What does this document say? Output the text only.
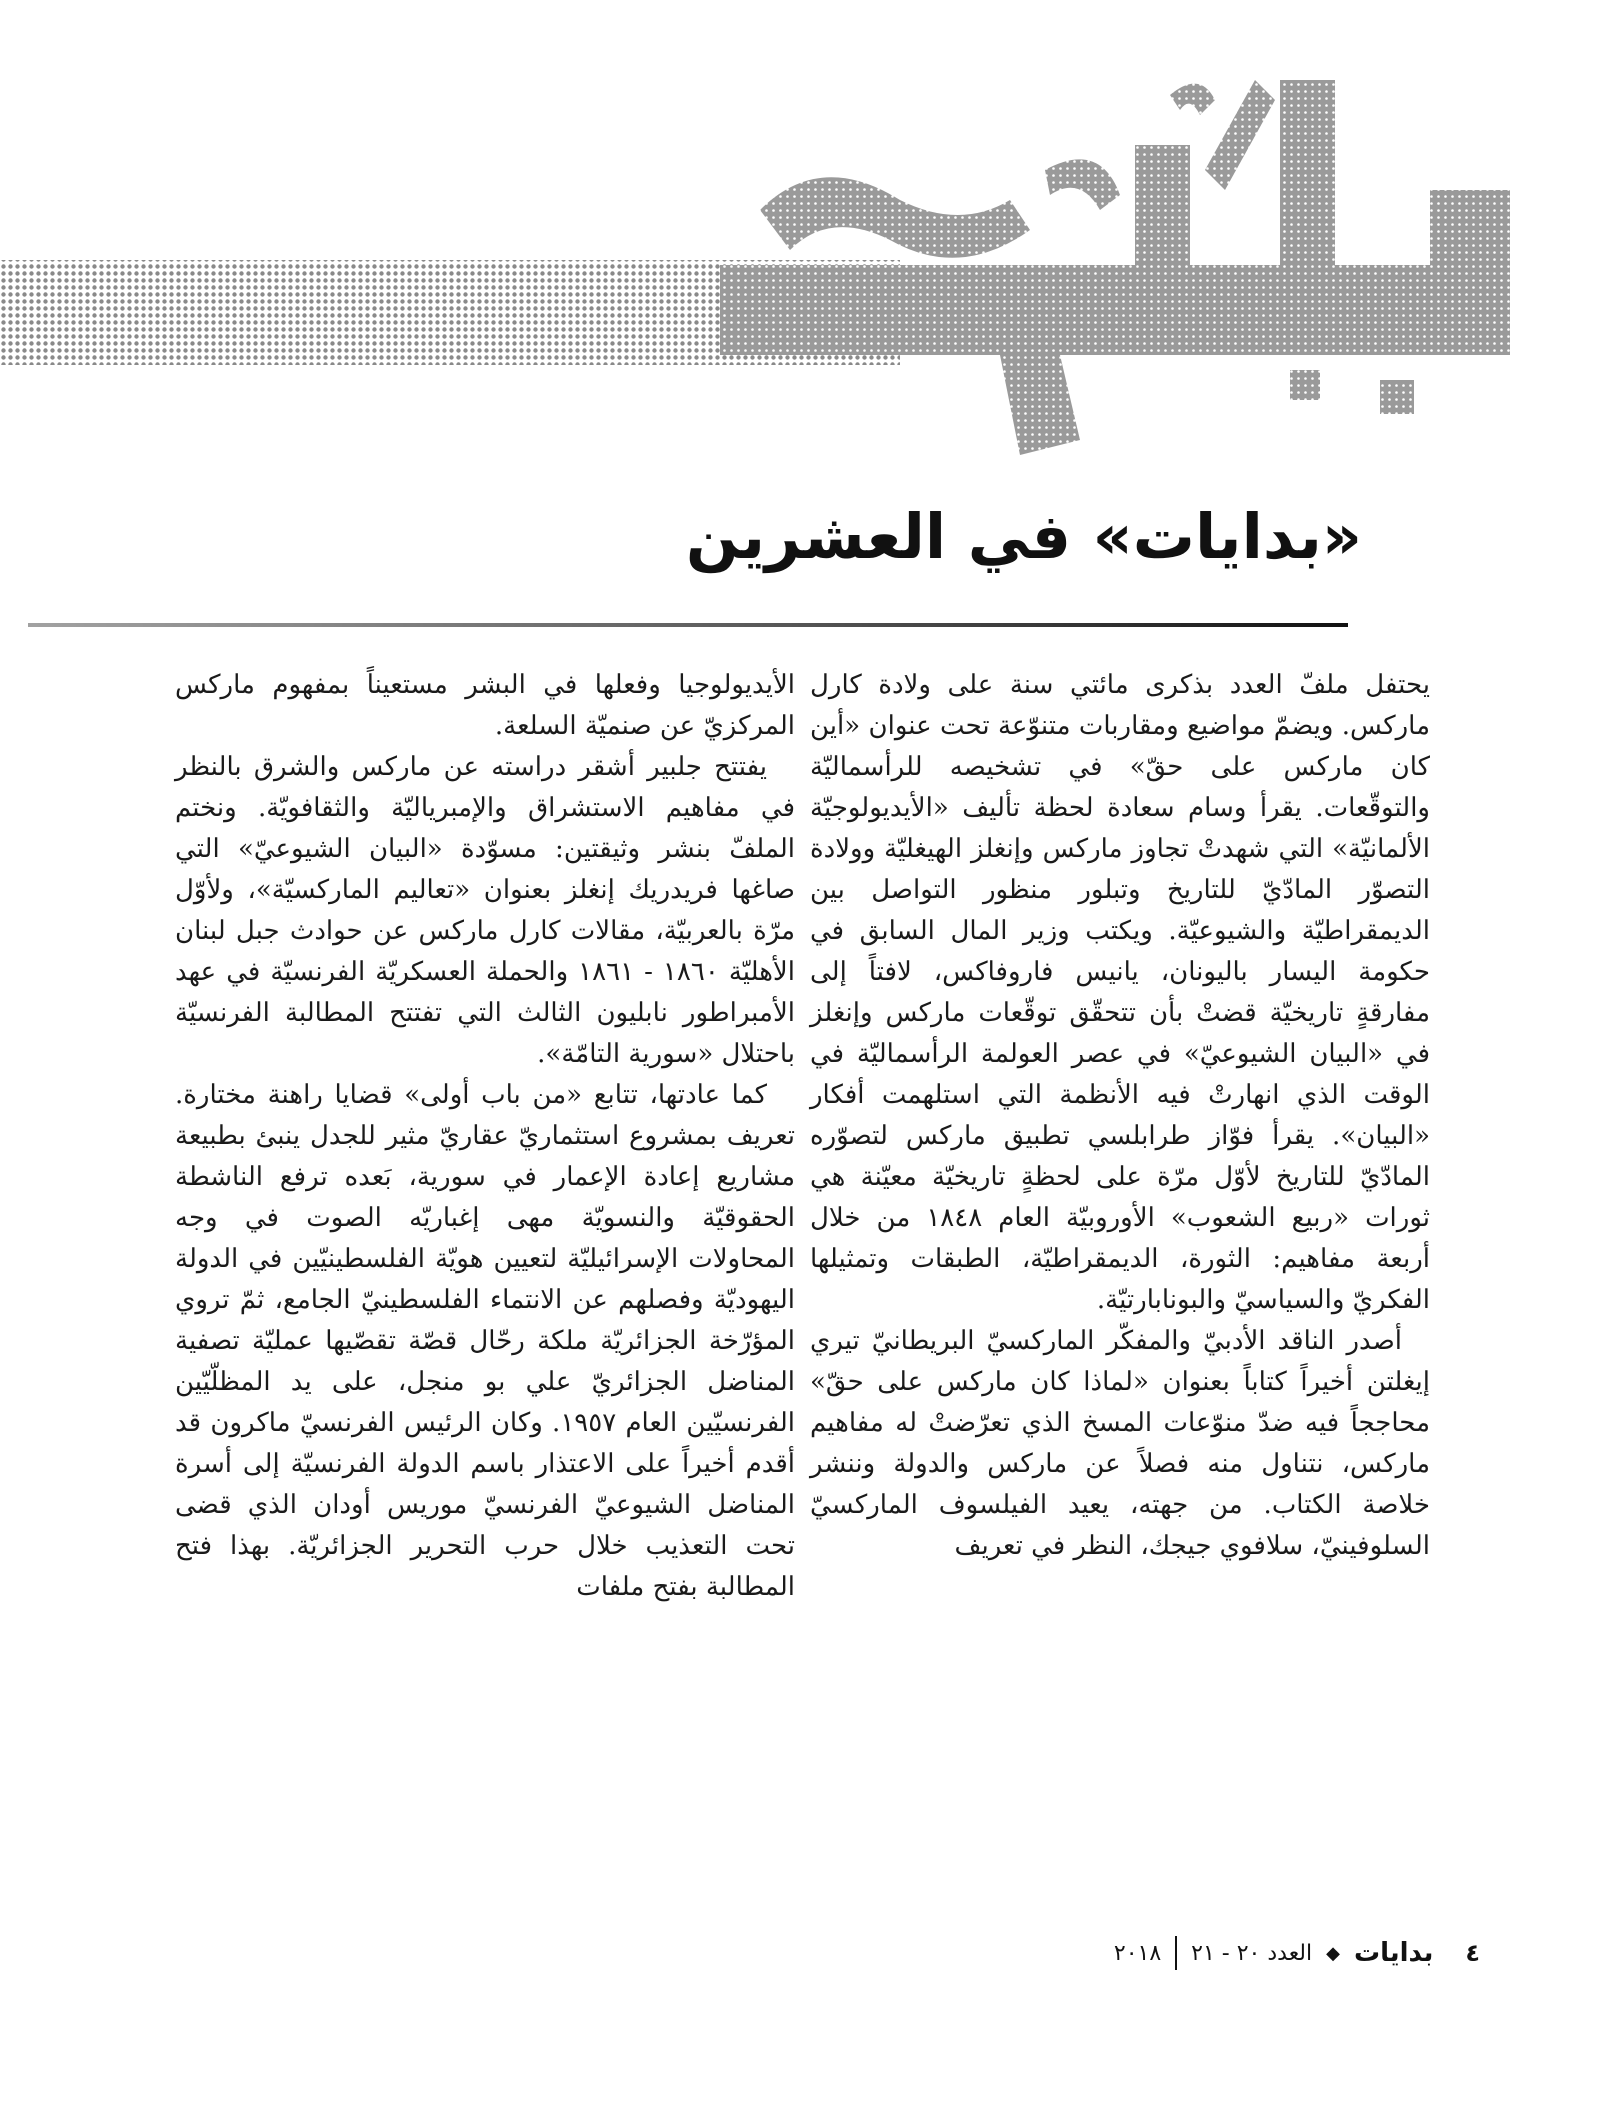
«بدايات» في العشرين

يحتفل ملفّ العدد بذكرى مائتي سنة على ولادة كارل ماركس. ويضمّ مواضيع ومقاربات متنوّعة تحت عنوان «أين كان ماركس على حقّ» في تشخيصه للرأسماليّة والتوقّعات. يقرأ وسام سعادة لحظة تأليف «الأيديولوجيّة الألمانيّة» التي شهدتْ تجاوز ماركس وإنغلز الهيغليّة وولادة التصوّر المادّيّ للتاريخ وتبلور منظور التواصل بين الديمقراطيّة والشيوعيّة. ويكتب وزير المال السابق في حكومة اليسار باليونان، يانيس فاروفاكس، لافتاً إلى مفارقةٍ تاريخيّة قضتْ بأن تتحقّق توقّعات ماركس وإنغلز في «البيان الشيوعيّ» في عصر العولمة الرأسماليّة في الوقت الذي انهارتْ فيه الأنظمة التي استلهمت أفكار «البيان». يقرأ فوّاز طرابلسي تطبيق ماركس لتصوّره المادّيّ للتاريخ لأوّل مرّة على لحظةٍ تاريخيّة معيّنة هي ثورات «ربيع الشعوب» الأوروبيّة العام ١٨٤٨ من خلال أربعة مفاهيم: الثورة، الديمقراطيّة، الطبقات وتمثيلها الفكريّ والسياسيّ والبونابارتيّة.

أصدر الناقد الأدبيّ والمفكّر الماركسيّ البريطانيّ تيري إيغلتن أخيراً كتاباً بعنوان «لماذا كان ماركس على حقّ» محاججاً فيه ضدّ منوّعات المسخ الذي تعرّضتْ له مفاهيم ماركس، نتناول منه فصلاً عن ماركس والدولة وننشر خلاصة الكتاب. من جهته، يعيد الفيلسوف الماركسيّ السلوفينيّ، سلافوي جيجك، النظر في تعريف

الأيديولوجيا وفعلها في البشر مستعيناً بمفهوم ماركس المركزيّ عن صنميّة السلعة.

يفتتح جلبير أشقر دراسته عن ماركس والشرق بالنظر في مفاهيم الاستشراق والإمبرياليّة والثقافويّة. ونختم الملفّ بنشر وثيقتين: مسوّدة «البيان الشيوعيّ» التي صاغها فريدريك إنغلز بعنوان «تعاليم الماركسيّة»، ولأوّل مرّة بالعربيّة، مقالات كارل ماركس عن حوادث جبل لبنان الأهليّة ١٨٦٠ - ١٨٦١ والحملة العسكريّة الفرنسيّة في عهد الأمبراطور نابليون الثالث التي تفتتح المطالبة الفرنسيّة باحتلال «سورية التامّة».

كما عادتها، تتابع «من باب أولى» قضايا راهنة مختارة. تعريف بمشروع استثماريّ عقاريّ مثير للجدل ينبئ بطبيعة مشاريع إعادة الإعمار في سورية، بَعده ترفع الناشطة الحقوقيّة والنسويّة مهى إغباريّه الصوت في وجه المحاولات الإسرائيليّة لتعيين هويّة الفلسطينيّين في الدولة اليهوديّة وفصلهم عن الانتماء الفلسطينيّ الجامع، ثمّ تروي المؤرّخة الجزائريّة ملكة رحّال قصّة تقصّيها عمليّة تصفية المناضل الجزائريّ علي بو منجل، على يد المظلّيّين الفرنسيّين العام ١٩٥٧. وكان الرئيس الفرنسيّ ماكرون قد أقدم أخيراً على الاعتذار باسم الدولة الفرنسيّة إلى أسرة المناضل الشيوعيّ الفرنسيّ موريس أودان الذي قضى تحت التعذيب خلال حرب التحرير الجزائريّة. بهذا فتح المطالبة بفتح ملفات

٤
بدايات
◆
العدد ٢٠ - ٢١
٢٠١٨
